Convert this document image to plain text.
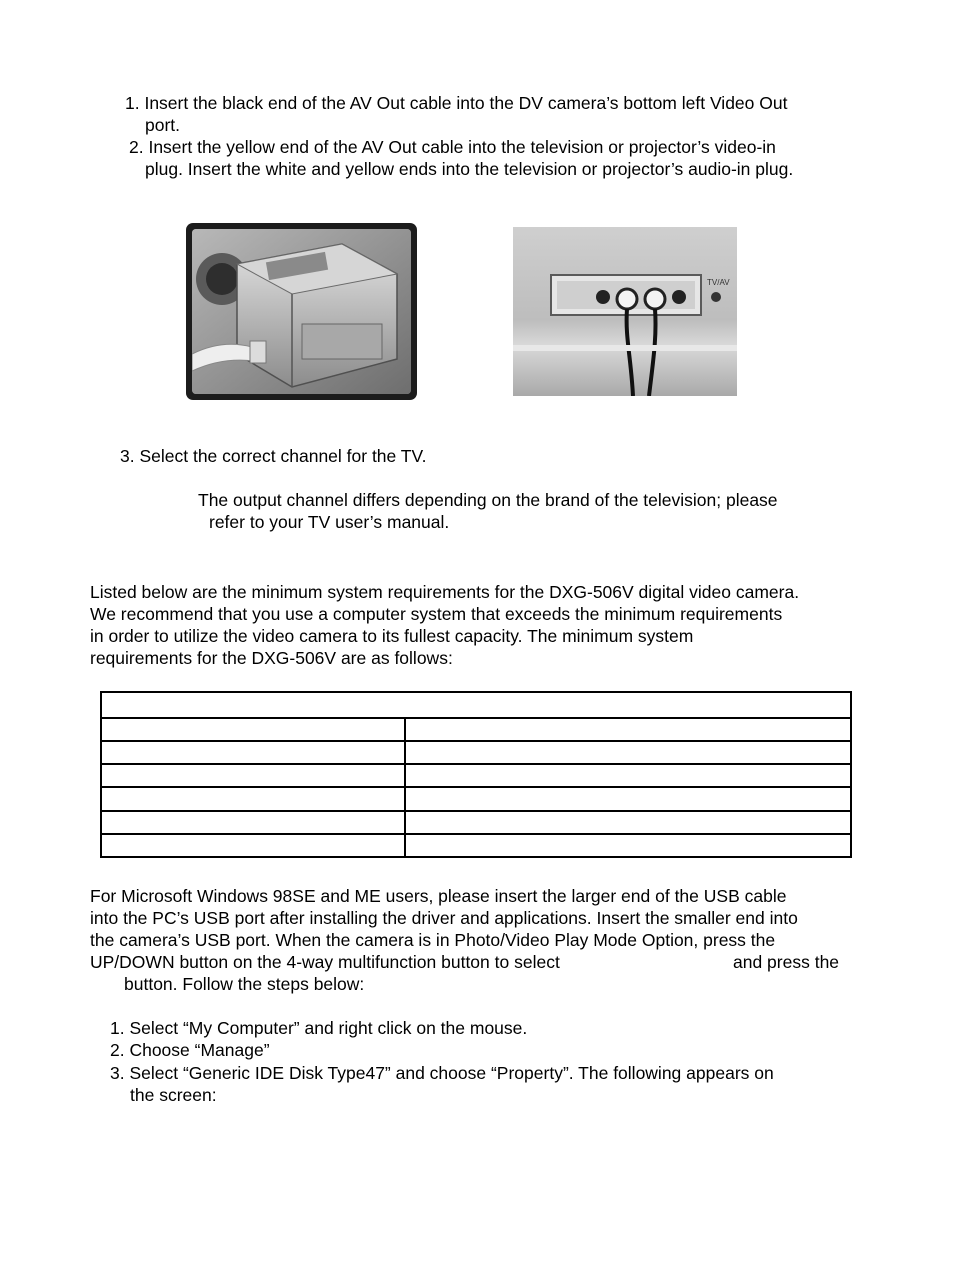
1. Insert the black end of the AV Out cable into the DV camera’s bottom left Video Out
port.
2. Insert the yellow end of the AV Out cable into the television or projector’s video-in
plug. Insert the white and yellow ends into the television or projector’s audio-in plug.
TV/AV
3. Select the correct channel for the TV.
The output channel differs depending on the brand of the television; please
refer to your TV user’s manual.
Listed below are the minimum system requirements for the DXG-506V digital video camera.
We recommend that you use a computer system that exceeds the minimum requirements
in order to utilize the video camera to its fullest capacity. The minimum system
requirements for the DXG-506V are as follows:

For Microsoft Windows 98SE and ME users, please insert the larger end of the USB cable
into the PC’s USB port after installing the driver and applications. Insert the smaller end into
the camera’s USB port. When the camera is in Photo/Video Play Mode Option, press the
UP/DOWN button on the 4-way multifunction button to select	and press the
button. Follow the steps below:
1. Select “My Computer” and right click on the mouse.
2. Choose “Manage”
3. Select “Generic IDE Disk Type47” and choose “Property”. The following appears on
the screen:
